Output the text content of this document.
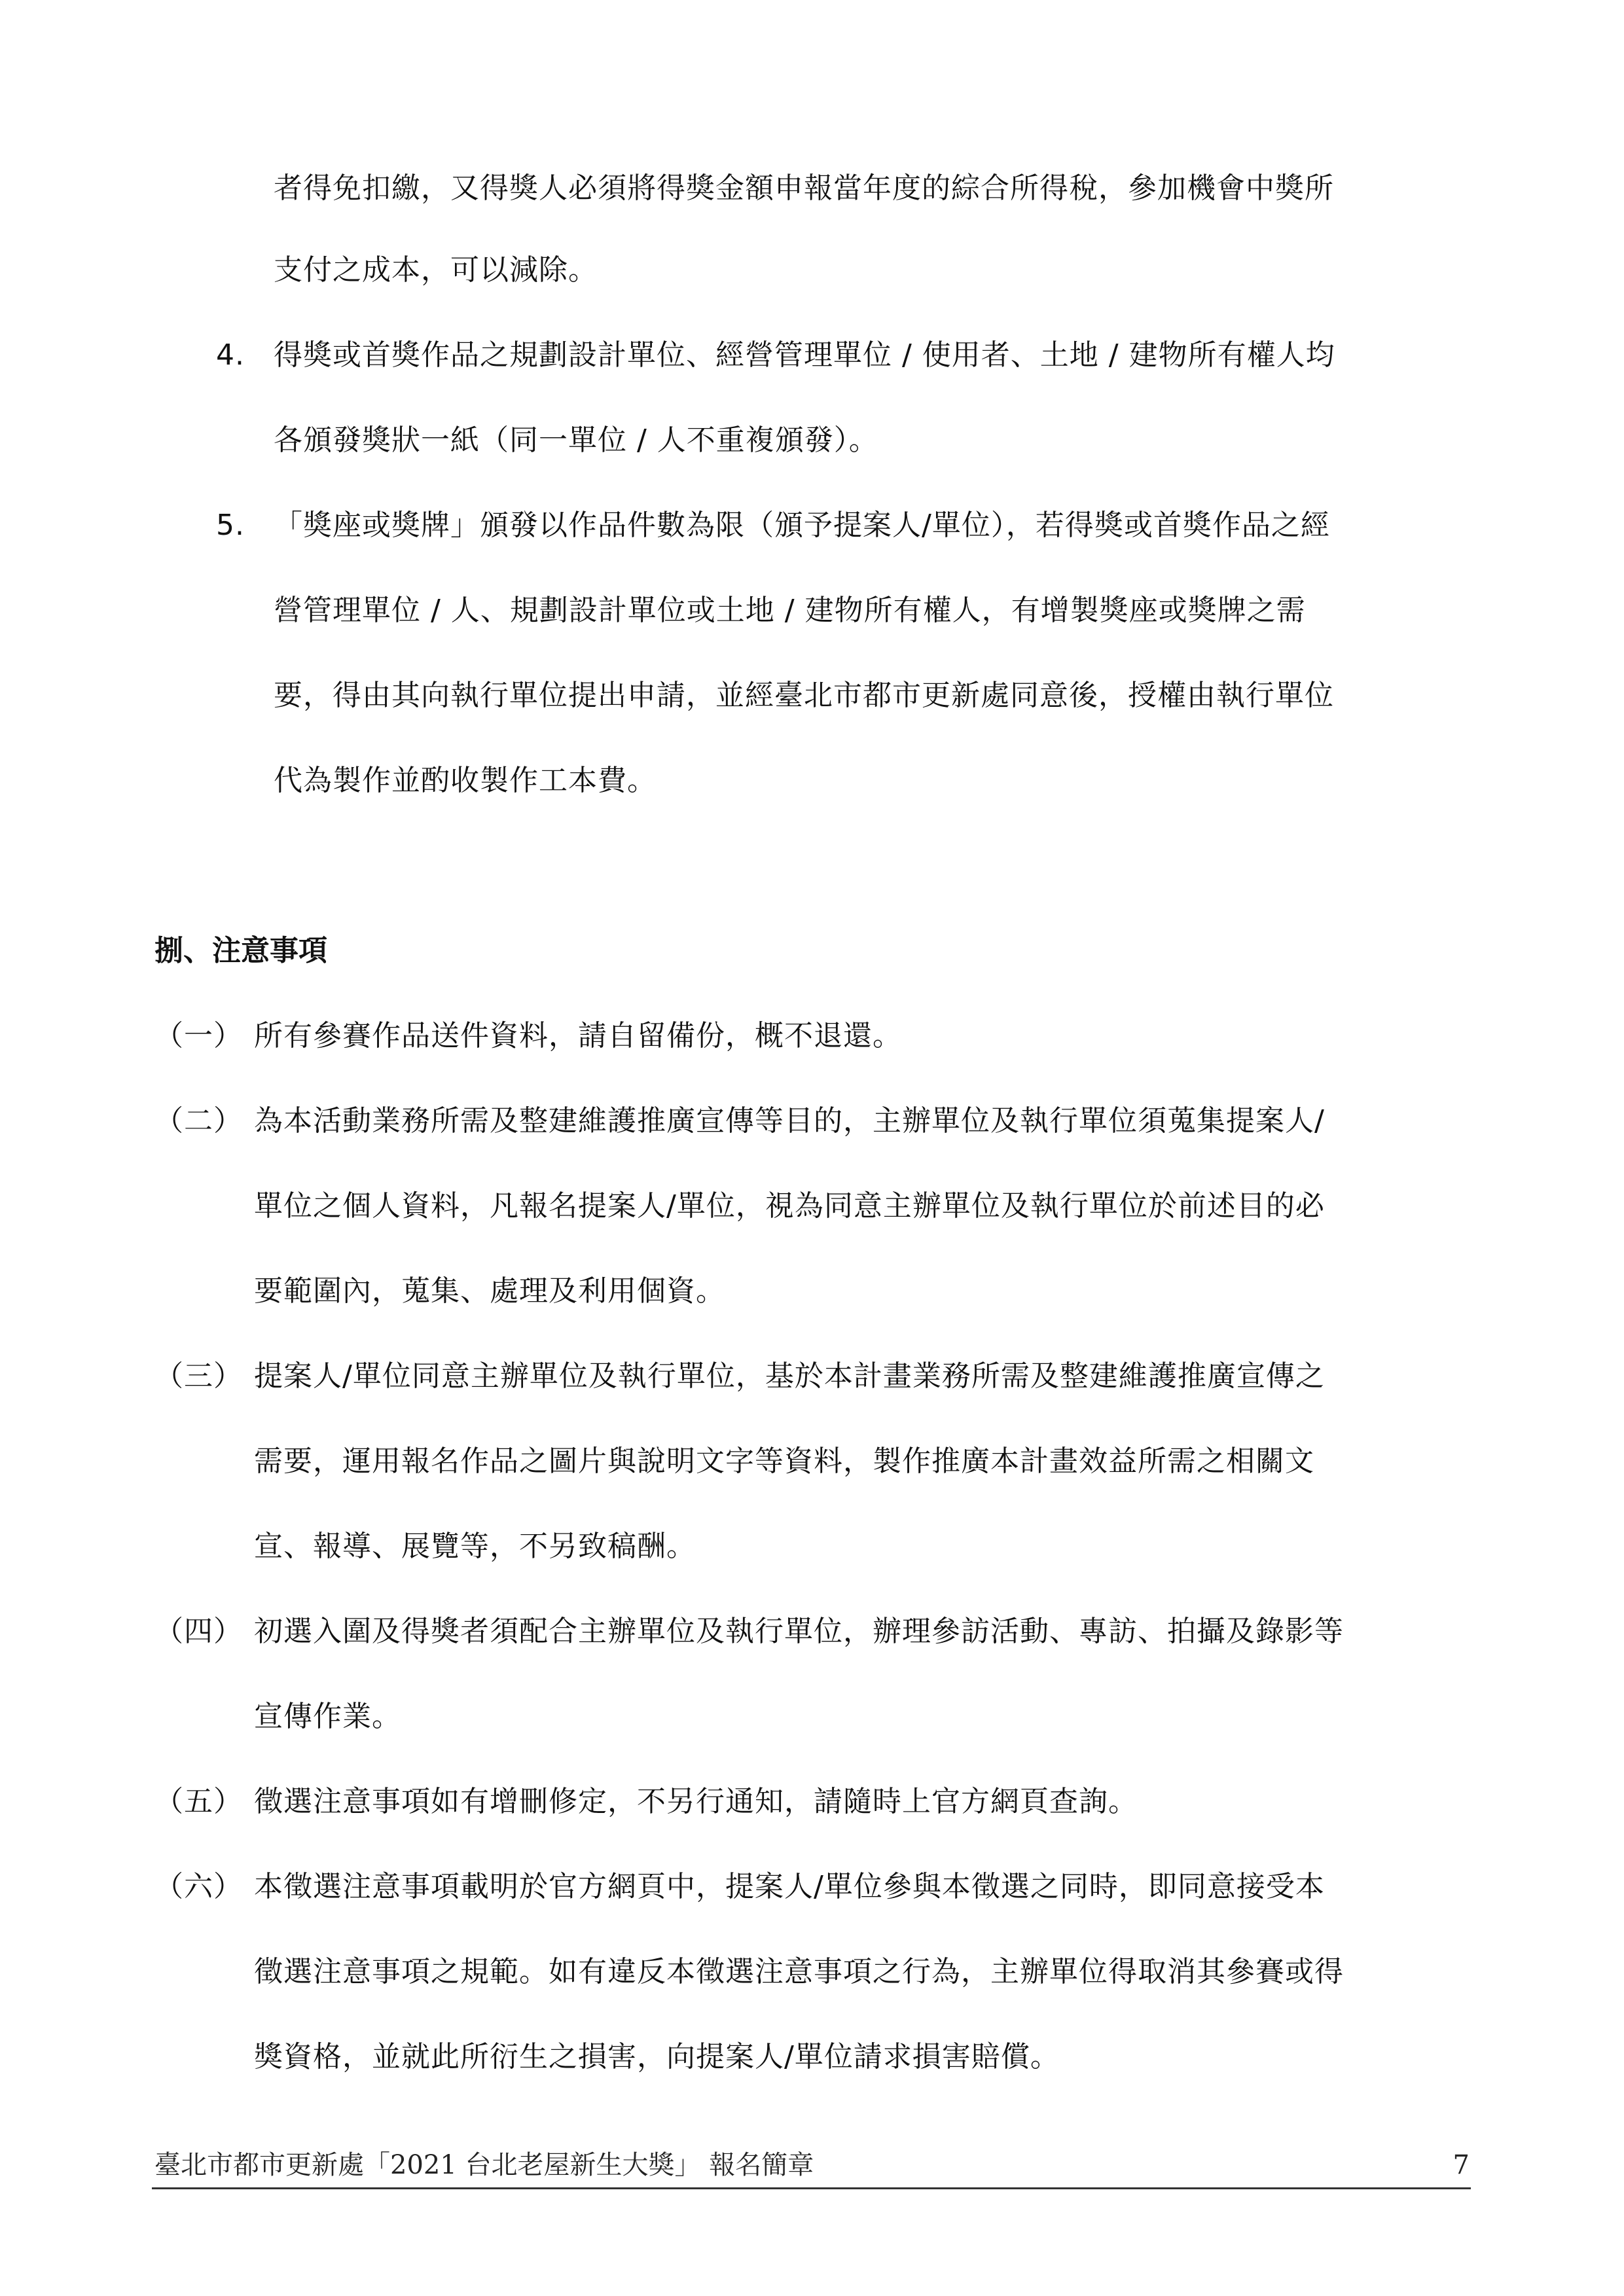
者得免扣繳，又得獎人必須將得獎金額申報當年度的綜合所得稅，參加機會中獎所
支付之成本，可以減除。
4. 得獎或首獎作品之規劃設計單位、經營管理單位 / 使用者、土地 / 建物所有權人均
各頒發獎狀一紙（同一單位 / 人不重複頒發）。
5. 「獎座或獎牌」頒發以作品件數為限（頒予提案人/單位），若得獎或首獎作品之經
營管理單位 / 人、規劃設計單位或土地 / 建物所有權人，有增製獎座或獎牌之需
要，得由其向執行單位提出申請，並經臺北市都市更新處同意後，授權由執行單位
代為製作並酌收製作工本費。
捌、注意事項
（一） 所有參賽作品送件資料，請自留備份，概不退還。
（二） 為本活動業務所需及整建維護推廣宣傳等目的，主辦單位及執行單位須蒐集提案人/
單位之個人資料，凡報名提案人/單位，視為同意主辦單位及執行單位於前述目的必
要範圍內，蒐集、處理及利用個資。
（三） 提案人/單位同意主辦單位及執行單位，基於本計畫業務所需及整建維護推廣宣傳之
需要，運用報名作品之圖片與說明文字等資料，製作推廣本計畫效益所需之相關文
宣、報導、展覽等，不另致稿酬。
（四） 初選入圍及得獎者須配合主辦單位及執行單位，辦理參訪活動、專訪、拍攝及錄影等
宣傳作業。
（五） 徵選注意事項如有增刪修定，不另行通知，請隨時上官方網頁查詢。
（六） 本徵選注意事項載明於官方網頁中，提案人/單位參與本徵選之同時，即同意接受本
徵選注意事項之規範。如有違反本徵選注意事項之行為，主辦單位得取消其參賽或得
獎資格，並就此所衍生之損害，向提案人/單位請求損害賠償。
臺北市都市更新處「2021 台北老屋新生大獎」 報名簡章	7
